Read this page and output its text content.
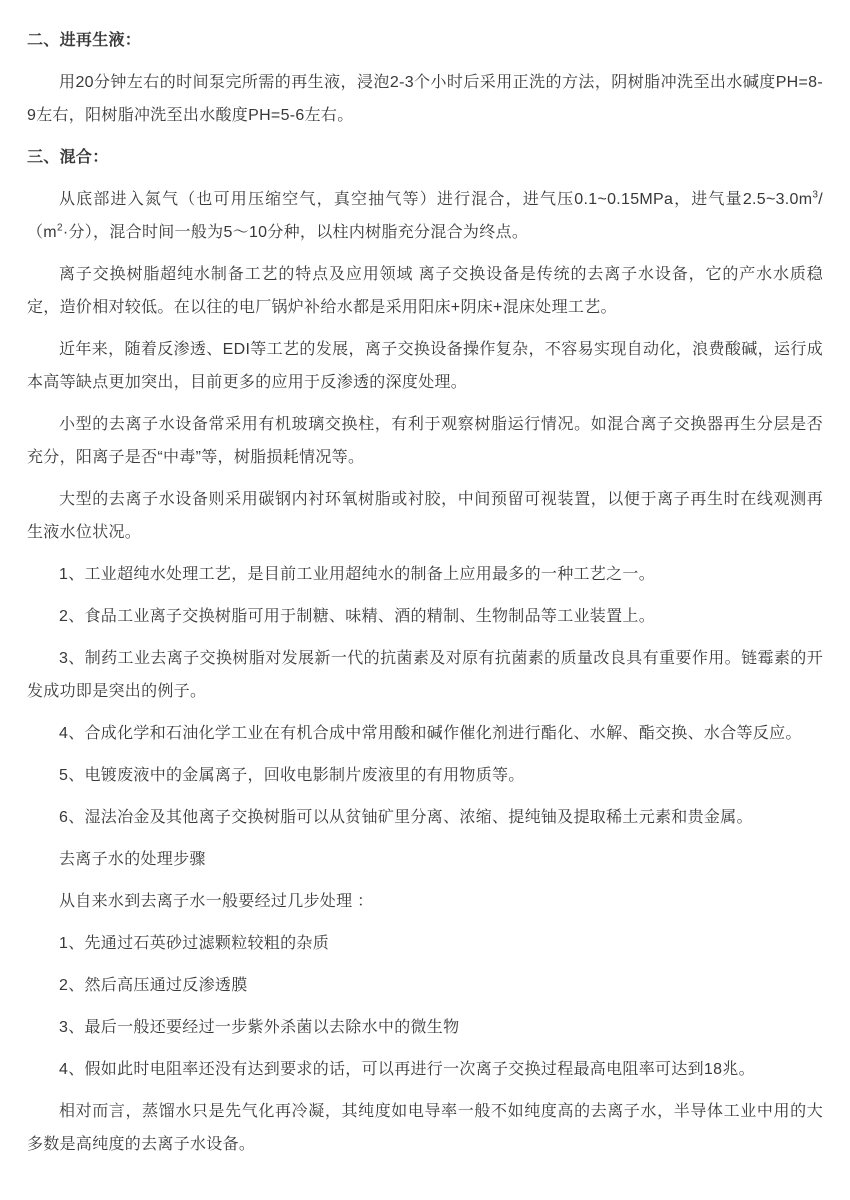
二、进再生液：

用20分钟左右的时间泵完所需的再生液，浸泡2-3个小时后采用正洗的方法，阴树脂冲洗至出水碱度PH=8-9左右，阳树脂冲洗至出水酸度PH=5-6左右。

三、混合：

从底部进入氮气（也可用压缩空气，真空抽气等）进行混合，进气压0.1~0.15MPa，进气量$2.5\sim 3.0m^3/(m^2\cdot$分），混合时间一般为5～10分种，以柱内树脂充分混合为终点。

离子交换树脂超纯水制备工艺的特点及应用领域 离子交换设备是传统的去离子水设备，它的产水水质稳定，造价相对较低。在以往的电厂锅炉补给水都是采用阳床+阴床+混床处理工艺。

近年来，随着反渗透、EDI等工艺的发展，离子交换设备操作复杂，不容易实现自动化，浪费酸碱，运行成本高等缺点更加突出，目前更多的应用于反渗透的深度处理。

小型的去离子水设备常采用有机玻璃交换柱，有利于观察树脂运行情况。如混合离子交换器再生分层是否充分，阳离子是否“中毒”等，树脂损耗情况等。

大型的去离子水设备则采用碳钢内衬环氧树脂或衬胶，中间预留可视装置，以便于离子再生时在线观测再生液水位状况。

1、工业超纯水处理工艺，是目前工业用超纯水的制备上应用最多的一种工艺之一。

2、食品工业离子交换树脂可用于制糖、味精、酒的精制、生物制品等工业装置上。

3、制药工业去离子交换树脂对发展新一代的抗菌素及对原有抗菌素的质量改良具有重要作用。链霉素的开发成功即是突出的例子。

4、合成化学和石油化学工业在有机合成中常用酸和碱作催化剂进行酯化、水解、酯交换、水合等反应。

5、电镀废液中的金属离子，回收电影制片废液里的有用物质等。

6、湿法冶金及其他离子交换树脂可以从贫铀矿里分离、浓缩、提纯铀及提取稀土元素和贵金属。

去离子水的处理步骤

从自来水到去离子水一般要经过几步处理 ：

1、先通过石英砂过滤颗粒较粗的杂质

2、然后高压通过反渗透膜

3、最后一般还要经过一步紫外杀菌以去除水中的微生物

4、假如此时电阻率还没有达到要求的话，可以再进行一次离子交换过程最高电阻率可达到18兆。

相对而言，蒸馏水只是先气化再冷凝，其纯度如电导率一般不如纯度高的去离子水，半导体工业中用的大多数是高纯度的去离子水设备。
